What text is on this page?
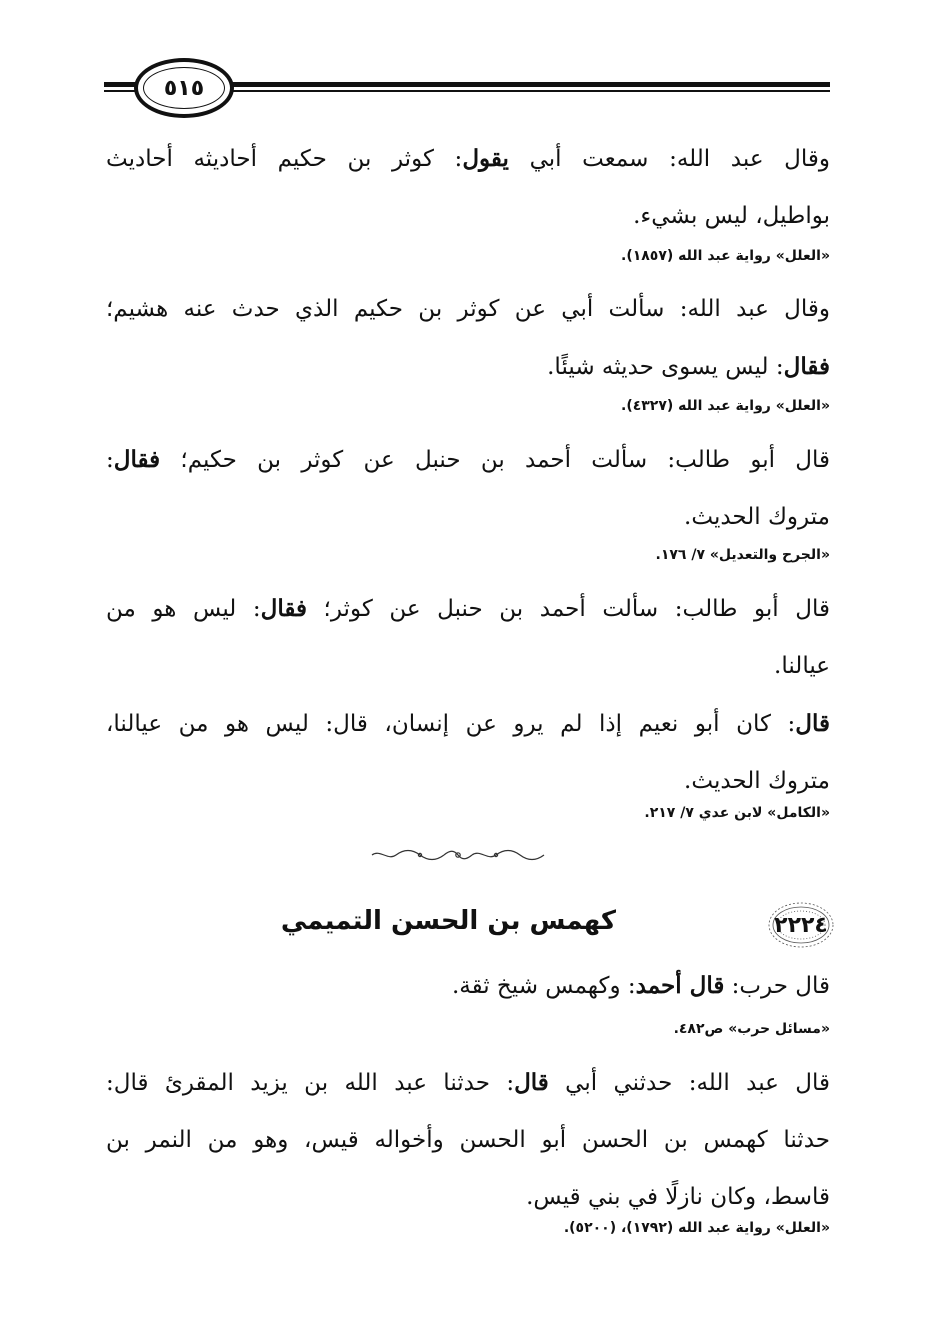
٥١٥
وقال عبد الله: سمعت أبي يقول: كوثر بن حكيم أحاديثه أحاديث
بواطيل، ليس بشيء.
«العلل» رواية عبد الله (١٨٥٧).
وقال عبد الله: سألت أبي عن كوثر بن حكيم الذي حدث عنه هشيم؛
فقال: ليس يسوى حديثه شيئًا.
«العلل» رواية عبد الله (٤٣٢٧).
قال أبو طالب: سألت أحمد بن حنبل عن كوثر بن حكيم؛ فقال:
متروك الحديث.
«الجرح والتعديل» ٧/ ١٧٦.
قال أبو طالب: سألت أحمد بن حنبل عن كوثر؛ فقال: ليس هو من
عيالنا.
قال: كان أبو نعيم إذا لم يرو عن إنسان، قال: ليس هو من عيالنا،
متروك الحديث.
«الكامل» لابن عدي ٧/ ٢١٧.
٢٢٢٤
كهمس بن الحسن التميمي
قال حرب: قال أحمد: وكهمس شيخ ثقة.
«مسائل حرب» ص٤٨٢.
قال عبد الله: حدثني أبي قال: حدثنا عبد الله بن يزيد المقرئ قال:
حدثنا كهمس بن الحسن أبو الحسن وأخواله قيس، وهو من النمر بن
قاسط، وكان نازلًا في بني قيس.
«العلل» رواية عبد الله (١٧٩٢)، (٥٢٠٠).
